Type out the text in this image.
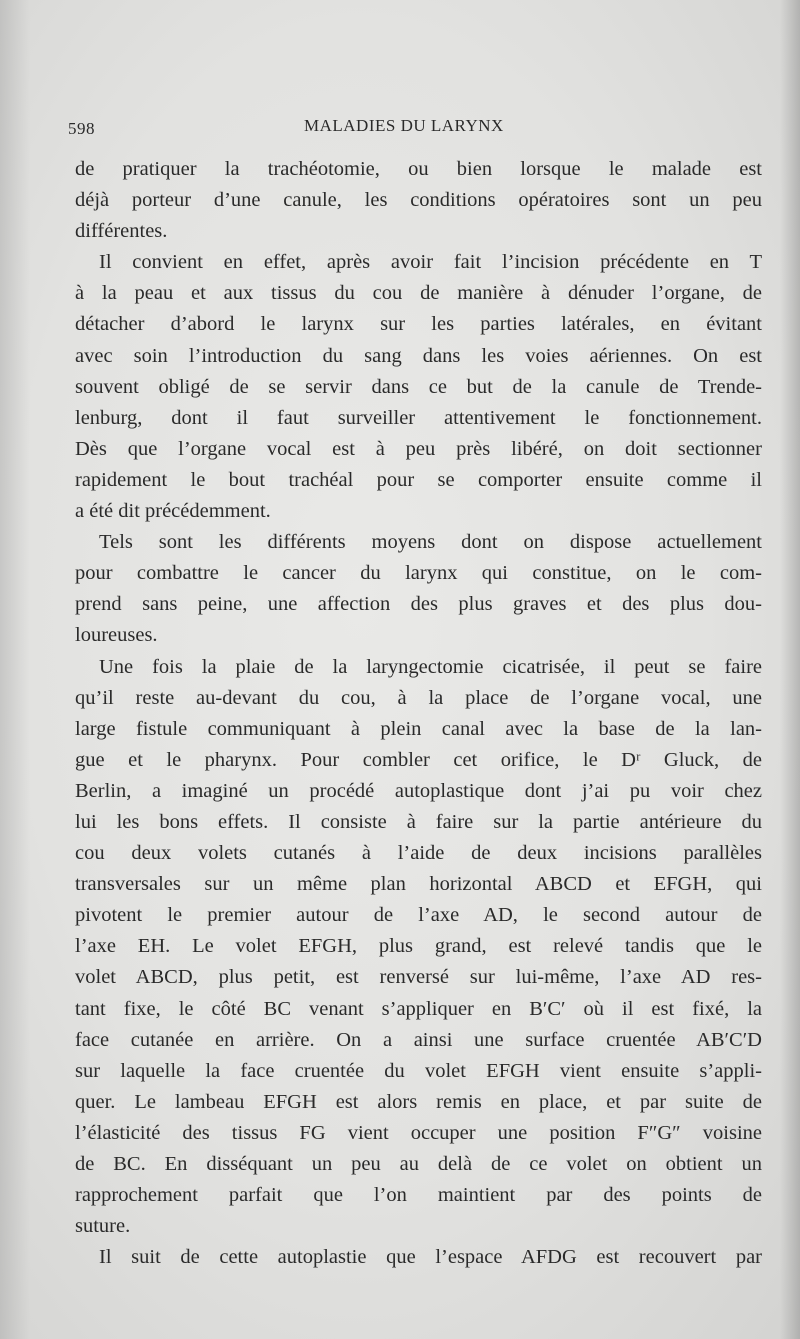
598	MALADIES DU LARYNX
de pratiquer la trachéotomie, ou bien lorsque le malade est
déjà porteur d’une canule, les conditions opératoires sont un peu
différentes.
Il convient en effet, après avoir fait l’incision précédente en T
à la peau et aux tissus du cou de manière à dénuder l’organe, de
détacher d’abord le larynx sur les parties latérales, en évitant
avec soin l’introduction du sang dans les voies aériennes. On est
souvent obligé de se servir dans ce but de la canule de Trende-
lenburg, dont il faut surveiller attentivement le fonctionnement.
Dès que l’organe vocal est à peu près libéré, on doit sectionner
rapidement le bout trachéal pour se comporter ensuite comme il
a été dit précédemment.
Tels sont les différents moyens dont on dispose actuellement
pour combattre le cancer du larynx qui constitue, on le com-
prend sans peine, une affection des plus graves et des plus dou-
loureuses.
Une fois la plaie de la laryngectomie cicatrisée, il peut se faire
qu’il reste au-devant du cou, à la place de l’organe vocal, une
large fistule communiquant à plein canal avec la base de la lan-
gue et le pharynx. Pour combler cet orifice, le Dʳ Gluck, de
Berlin, a imaginé un procédé autoplastique dont j’ai pu voir chez
lui les bons effets. Il consiste à faire sur la partie antérieure du
cou deux volets cutanés à l’aide de deux incisions parallèles
transversales sur un même plan horizontal ABCD et EFGH, qui
pivotent le premier autour de l’axe AD, le second autour de
l’axe EH. Le volet EFGH, plus grand, est relevé tandis que le
volet ABCD, plus petit, est renversé sur lui-même, l’axe AD res-
tant fixe, le côté BC venant s’appliquer en B′C′ où il est fixé, la
face cutanée en arrière. On a ainsi une surface cruentée AB′C′D
sur laquelle la face cruentée du volet EFGH vient ensuite s’appli-
quer. Le lambeau EFGH est alors remis en place, et par suite de
l’élasticité des tissus FG vient occuper une position F″G″ voisine
de BC. En disséquant un peu au delà de ce volet on obtient un
rapprochement parfait que l’on maintient par des points de
suture.
Il suit de cette autoplastie que l’espace AFDG est recouvert par
